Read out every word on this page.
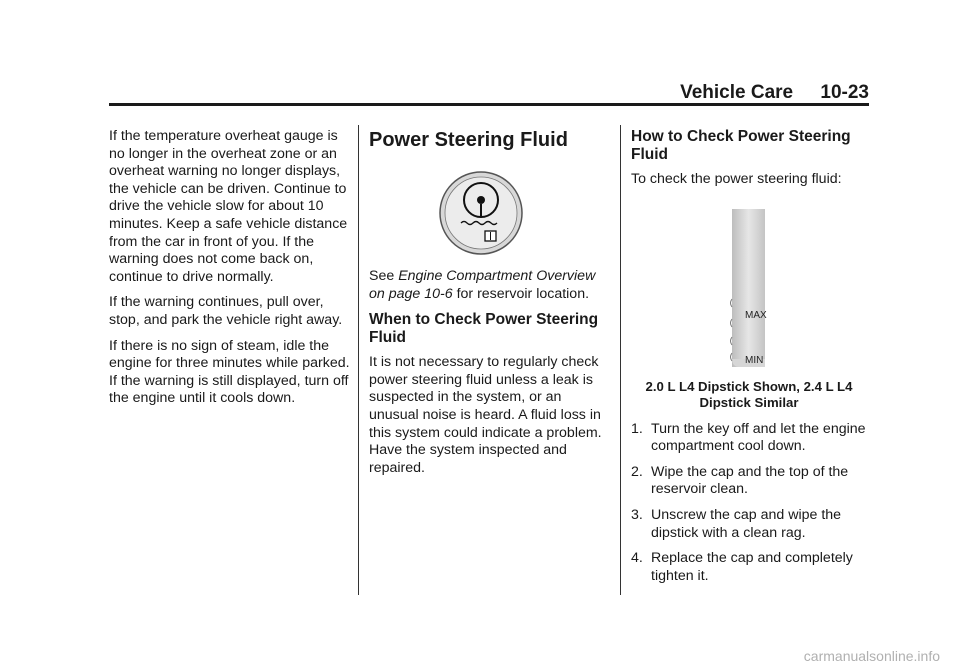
Vehicle Care 10-23

If the temperature overheat gauge is no longer in the overheat zone or an overheat warning no longer displays, the vehicle can be driven. Continue to drive the vehicle slow for about 10 minutes. Keep a safe vehicle distance from the car in front of you. If the warning does not come back on, continue to drive normally.

If the warning continues, pull over, stop, and park the vehicle right away.

If there is no sign of steam, idle the engine for three minutes while parked. If the warning is still displayed, turn off the engine until it cools down.

Power Steering Fluid

See Engine Compartment Overview on page 10-6 for reservoir location.

When to Check Power Steering Fluid

It is not necessary to regularly check power steering fluid unless a leak is suspected in the system, or an unusual noise is heard. A fluid loss in this system could indicate a problem. Have the system inspected and repaired.

How to Check Power Steering Fluid

To check the power steering fluid:

MAX
MIN

2.0 L L4 Dipstick Shown, 2.4 L L4 Dipstick Similar

1. Turn the key off and let the engine compartment cool down.
2. Wipe the cap and the top of the reservoir clean.
3. Unscrew the cap and wipe the dipstick with a clean rag.
4. Replace the cap and completely tighten it.
carmanualsonline.info
